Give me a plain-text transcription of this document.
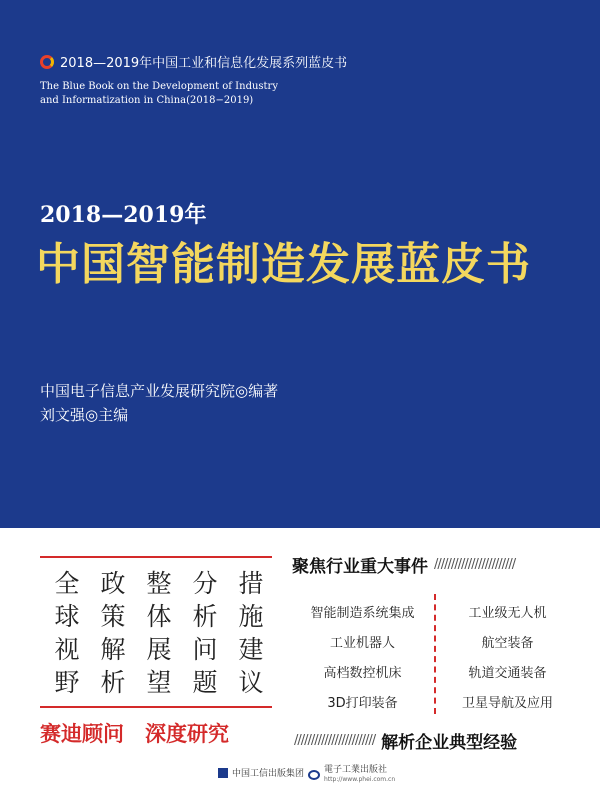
2018—2019年中国工业和信息化发展系列蓝皮书
The Blue Book on the Development of Industry
and Informatization in China(2018−2019)
2018—2019年
中国智能制造发展蓝皮书
中国电子信息产业发展研究院◎编著
刘文强◎主编
全 政 整 分 措
球 策 体 析 施
视 解 展 问 建
野 析 望 题 议
赛迪顾问　深度研究
聚焦行业重大事件 ////////////////////////
智能制造系统集成	工业级无人机
工业机器人	航空装备
高档数控机床	轨道交通装备
3D打印装备	卫星导航及应用
//////////////////////// 解析企业典型经验
中国工信出版集团 電子工業出版社
http://www.phei.com.cn
